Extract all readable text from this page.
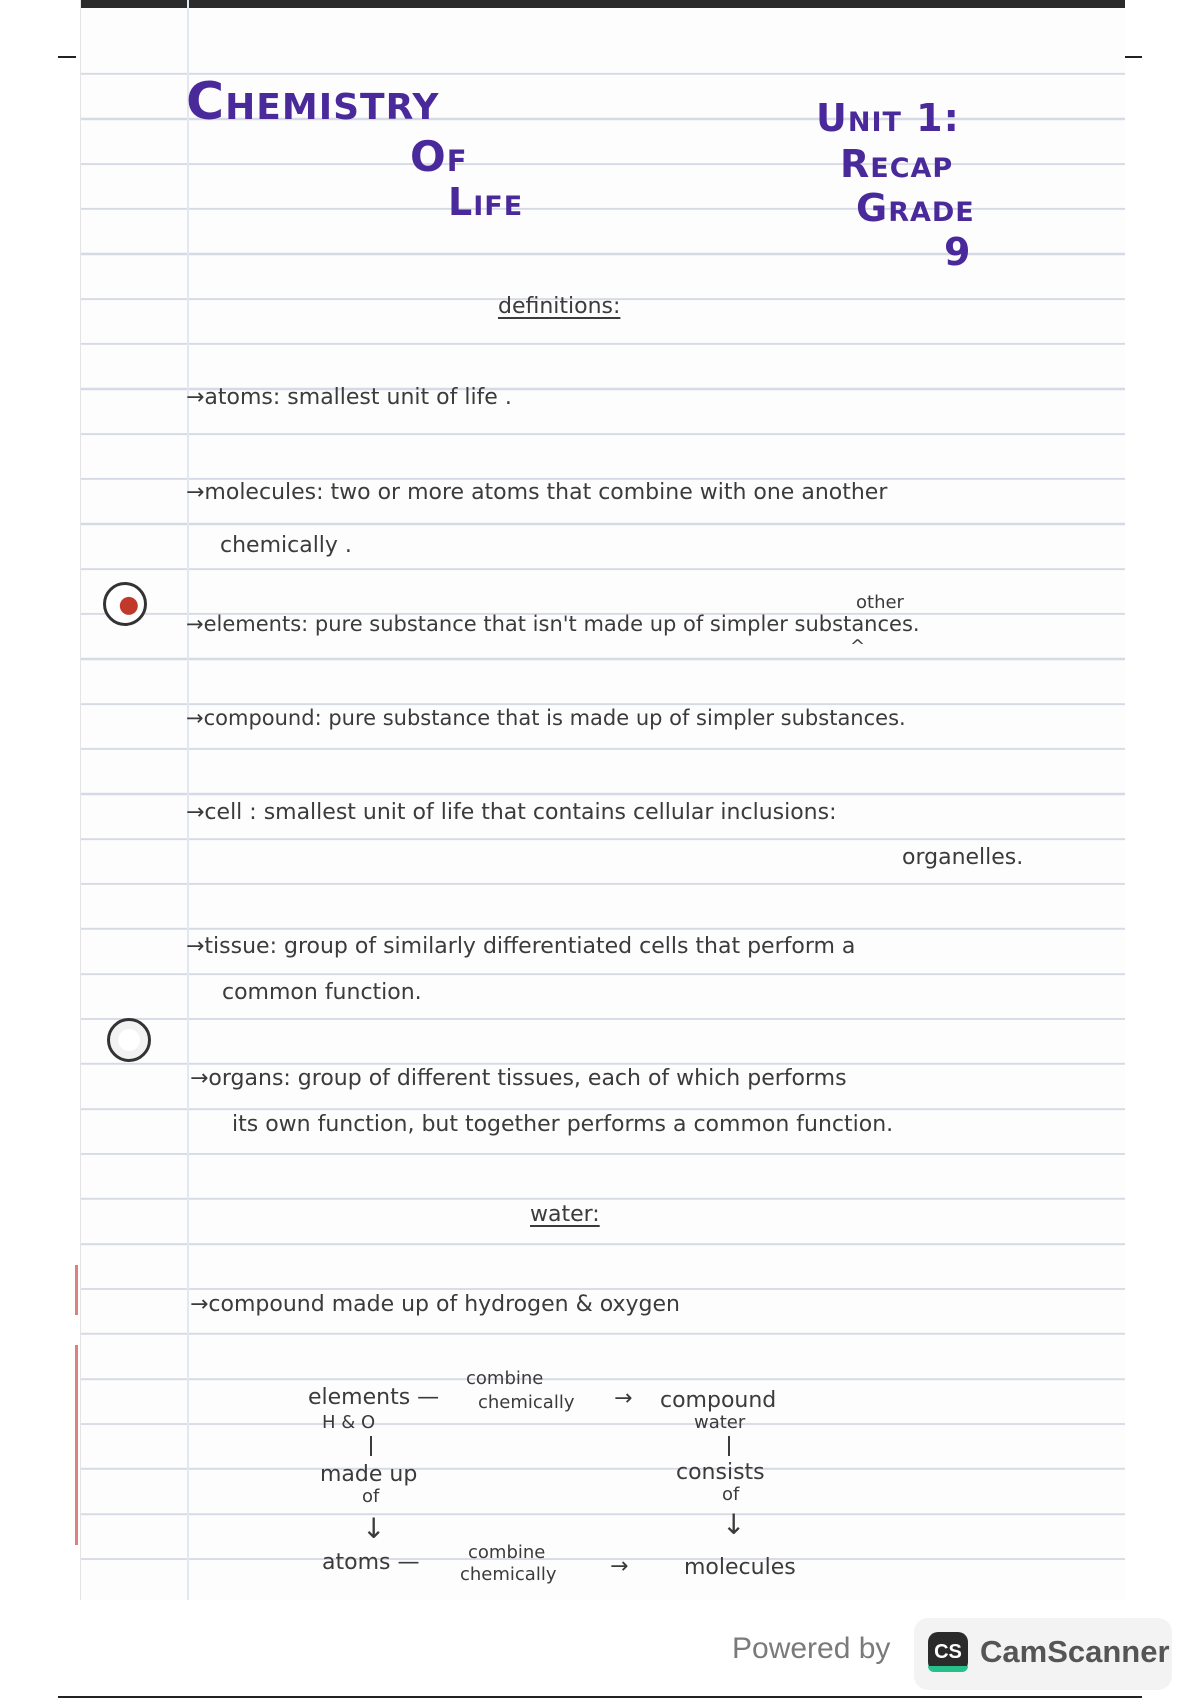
Chemistry
Of
Life
Unit 1:
Recap
Grade
9
definitions:
→atoms: smallest unit of life .
→molecules: two or more atoms that combine with one another
chemically .
other
→elements: pure substance that isn't made up of simpler substances.
^
→compound: pure substance that is made up of simpler substances.
→cell : smallest unit of life that contains cellular inclusions:
organelles.
→tissue: group of similarly differentiated cells that perform a
common function.
→organs: group of different tissues, each of which performs
its own function, but together performs a common function.
water:
→compound made up of hydrogen & oxygen
elements —
H & O
combine
chemically → compound
water
made up
of
consists
of
↓	↓
atoms —	combine
chemically →	molecules
Powered by	CS CamScanner
